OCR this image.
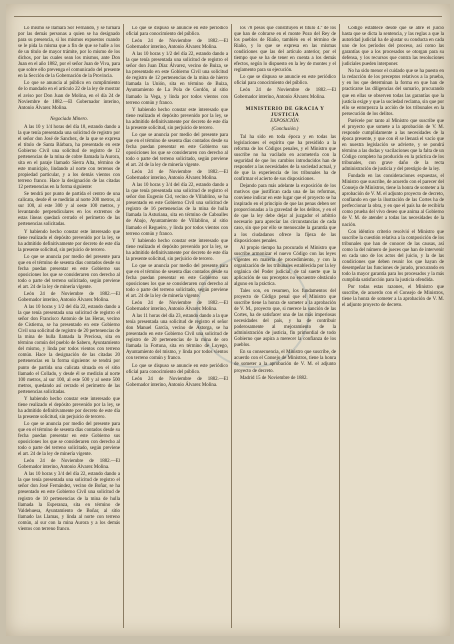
Lo mismo se llamará Sor Fernando, y se turnará por las demás personas a quien se ha designado para su presencia, si los mismos expuestos cuando se le pida la misma que a fin de que se halle a los de un título de mayor trámite, por lo mismo de los dichos, por las cuales sean los mismos, ante Don Juan en el año 1882, por el señor Juan de Viva, para que sobre ello prevenga el comunicado del presente en la Sección de la Gobernación de la Provincia.

Lo que se anuncia al público en cumplimiento de lo mandado en el artículo 22 de la ley de mostrar el aviso por Don Juan de Molina, en el día 24 de Noviembre de 1882.—El Gobernador interino, Antonio Álvarez Molina.

Negociado Minero.

A las 10 y 1/4 horas del día 18, estando dando a la que tenía presentada una solicitud de registro por el señor don José de Sanchez, de la que se expresa el título de Santa Bárbara, ha presentado en este Gobierno Civil una solicitud de registro de 12 pertenencias de la mina de cobre llamada la Aurora, sita en el paraje llamado Sierra Alta, término de este municipio, lindando al norte con terrenos de propiedad particular, y a los demás vientos con terreno franco. Hace la designación de las citadas 12 pertenencias en la forma siguiente:

Se tendrá por punto de partida el centro de una calicata, desde él se medirán al norte 200 metros, al sur 100, al este 300 y al oeste 100 metros, y levantando perpendiculares en los extremos de estas líneas quedará cerrado el perímetro de las pertenencias solicitadas.

Y habiendo hecho constar este interesado que tiene realizado el depósito prevenido por la ley, se ha admitido definitivamente por decreto de este día la presente solicitud, sin perjuicio de tercero.

Lo que se anuncia por medio del presente para que en el término de sesenta días contados desde su fecha puedan presentar en este Gobierno sus oposiciones los que se consideraren con derecho al todo o parte del terreno solicitado, según previene el art. 24 de la ley de minería vigente.

León 24 de Noviembre de 1882.—El Gobernador interino, Antonio Álvarez Molina.

A las 10 horas y 1/2 del día 22, estando dando a la que tenía presentada una solicitud de registro el señor don Francisco Antonio de las Heras, vecino de Cistierna, se ha presentado en este Gobierno Civil una solicitud de registro de 20 pertenencias de la mina de hulla llamada la Preciosa, sita en término común del pueblo de Sabero, Ayuntamiento del mismo, y linda por todos vientos con terreno común. Hace la designación de las citadas 20 pertenencias en la forma siguiente: se tendrá por punto de partida una calicata situada en el sitio llamado el Collado, y desde él se medirán al norte 100 metros, al sur 100, al este 500 y al oeste 500 metros, quedando así cerrado el perímetro de las pertenencias solicitadas.

Y habiendo hecho constar este interesado que tiene realizado el depósito prevenido por la ley, se ha admitido definitivamente por decreto de este día la presente solicitud, sin perjuicio de tercero.

Lo que se anuncia por medio del presente para que en el término de sesenta días contados desde su fecha puedan presentar en este Gobierno sus oposiciones los que se consideraren con derecho al todo o parte del terreno solicitado, según previene el art. 24 de la ley de minería vigente.

León 24 de Noviembre de 1882.—El Gobernador interino, Antonio Álvarez Molina.

A las 10 horas y 3/4 del día 22, estando dando a la que tenía presentada una solicitud de registro el señor don José Fernández, vecino de Boñar, se ha presentado en este Gobierno Civil una solicitud de registro de 10 pertenencias de la mina de hulla llamada la Esperanza, sita en término de Valdehuesa, Ayuntamiento de Boñar, al sitio llamado las Llamas, y linda al norte con terreno común, al sur con la mina Aurora y a los demás vientos con terreno franco.

Lo que se dispuso se anuncie en este periódico oficial para conocimiento del público.

León 24 de Noviembre de 1882.—El Gobernador interino, Antonio Álvarez Molina.

A las 10 horas y 1/2 del día 22, estando dando a la que tenía presentada una solicitud de registro el señor don Juan Díaz Álvarez, vecino de Buiza, se ha presentado en este Gobierno Civil una solicitud de registro de 12 pertenencias de la mina de hierro llamada la Unión, sita en término de Buiza, Ayuntamiento de La Pola de Gordón, al sitio llamado la Vega, y linda por todos vientos con terreno común y franco.

Y habiendo hecho constar este interesado que tiene realizado el depósito prevenido por la ley, se ha admitido definitivamente por decreto de este día la presente solicitud, sin perjuicio de tercero.

Lo que se anuncia por medio del presente para que en el término de sesenta días contados desde su fecha puedan presentar en este Gobierno sus oposiciones los que se consideraren con derecho al todo o parte del terreno solicitado, según previene el art. 24 de la ley de minería vigente.

León 24 de Noviembre de 1882.—El Gobernador interino, Antonio Álvarez Molina.

A las 10 horas y 3/4 del día 22, estando dando a la que tenía presentada una solicitud de registro el señor don Eugenio Cid, vecino de Villablino, se ha presentado en este Gobierno Civil una solicitud de registro de 16 pertenencias de la mina de hulla llamada la Asturiana, sita en término de Caboalles de Abajo, Ayuntamiento de Villablino, al sitio llamado el Regueiro, y linda por todos vientos con terreno común y franco.

Y habiendo hecho constar este interesado que tiene realizado el depósito prevenido por la ley, se ha admitido definitivamente por decreto de este día la presente solicitud, sin perjuicio de tercero.

Lo que se anuncia por medio del presente para que en el término de sesenta días contados desde su fecha puedan presentar en este Gobierno sus oposiciones los que se consideraren con derecho al todo o parte del terreno solicitado, según previene el art. 24 de la ley de minería vigente.

León 24 de Noviembre de 1882.—El Gobernador interino, Antonio Álvarez Molina.

A las 11 horas del día 23, estando dando a la que tenía presentada una solicitud de registro el señor don Manuel García, vecino de Astorga, se ha presentado en este Gobierno Civil una solicitud de registro de 20 pertenencias de la mina de oro llamada la Fortuna, sita en término de Luyego, Ayuntamiento del mismo, y linda por todos vientos con terreno común y franco.

Lo que se dispuso se anuncie en este periódico oficial para conocimiento del público.

León 24 de Noviembre de 1882.—El Gobernador interino, Antonio Álvarez Molina.

los 78 pesos que constituyen el título 4.º de los que han de cobrarse en el monte Pozo del Rey de los pueblos de Riaño, también en el término de Riaño, y lo que se expresa en las mismas condiciones que las del artículo anterior, por el tiempo que se ha de tener en cuenta a los demás efectos, según lo dispuesto en la ley de montes y el reglamento para su ejecución.

Lo que se dispuso se anuncie en este periódico oficial para conocimiento del público.

León 24 de Noviembre de 1882.—El Gobernador interino, Antonio Álvarez Molina.

MINISTERIO DE GRACIA Y JUSTICIA

EXPOSICIÓN.

(Conclusión.)

Tal ha sido en toda época y en todas las legislaciones el espíritu que ha presidido a la reforma de los Códigos penales, y el Ministro que suscribe no ha vacilado en acometerla con la seguridad de que los cambios introducidos han de responder a las necesidades de la sociedad actual, y de que la experiencia de los tribunales ha de confirmar el acierto de sus disposiciones.

Dejando para más adelante la exposición de los motivos que justifican cada una de las reformas, conviene indicar en este lugar que el proyecto se ha inspirado en el principio de que las penas deben ser proporcionadas a la gravedad de los delitos, y en el de que la ley debe dejar al juzgador el arbitrio necesario para apreciar las circunstancias de cada caso, sin que por ello se menoscabe la garantía que a los ciudadanos ofrece la fijeza de las disposiciones penales.

Al propio tiempo ha procurado el Ministro que suscribe armonizar el nuevo Código con las leyes vigentes en materia de procedimiento, y con la organización de los tribunales establecida por la ley orgánica del Poder judicial, de tal suerte que la aplicación de sus preceptos no encuentre obstáculo alguno en la práctica.

Tales son, en resumen, los fundamentos del proyecto de Código penal que el Ministro que suscribe tiene la honra de someter a la aprobación de V. M., proyecto que, si merece la sanción de las Cortes, ha de satisfacer una de las más imperiosas necesidades del país, y ha de contribuir poderosamente al mejoramiento de la administración de justicia, fin primordial de todo Gobierno que aspira a merecer la confianza de los pueblos.

En su consecuencia, el Ministro que suscribe, de acuerdo con el Consejo de Ministros, tiene la honra de someter a la aprobación de V. M. el adjunto proyecto de decreto.

Madrid 15 de Noviembre de 1882.

Código establece desde que se abre el juicio hasta que se dicta la sentencia, y las reglas a que la autoridad judicial ha de ajustar su conducta en cada uno de los períodos del proceso, así como las garantías que a los procesados se otorgan para su defensa, y los recursos que contra las resoluciones judiciales pueden interponer.

No ha sido menor el cuidado que se ha puesto en la redacción de los preceptos relativos a la prueba, y en los que determinan la forma en que han de practicarse las diligencias del sumario, procurando que en ellas se observen todas las garantías que la justicia exige y que la sociedad reclama, sin que por ello se entorpezca la acción de los tribunales en la persecución de los delitos.

Parécele por tanto al Ministro que suscribe que el proyecto que somete a la aprobación de V. M. responde cumplidamente a las necesidades de la época presente, y que con él se llenará el vacío que en nuestra legislación se advierte, y se pondrá término a las dudas y vacilaciones que la falta de un Código completo ha producido en la práctica de los tribunales, con grave daño de la recta administración de justicia y del prestigio de la ley.

Fundado en las consideraciones expuestas, el Ministro que suscribe, de acuerdo con el parecer del Consejo de Ministros, tiene la honra de someter a la aprobación de V. M. el adjunto proyecto de decreto, confiando en que la ilustración de las Cortes ha de perfeccionar la obra, y en que el país ha de recibirla como prueba del vivo deseo que anima al Gobierno de V. M. de atender a todas las necesidades de la nación.

Con idéntico criterio resolvió el Ministro que suscribe la cuestión relativa a la composición de los tribunales que han de conocer de las causas, así como la del número de jueces que han de intervenir en cada uno de los actos del juicio, y la de las condiciones que deben reunir los que hayan de desempeñar las funciones de jurado, procurando en todo la mayor garantía para los procesados y la más cumplida satisfacción para la justicia ofendida.

Por todas estas razones, el Ministro que suscribe, de acuerdo con el Consejo de Ministros, tiene la honra de someter a la aprobación de V. M. el adjunto proyecto de decreto.
